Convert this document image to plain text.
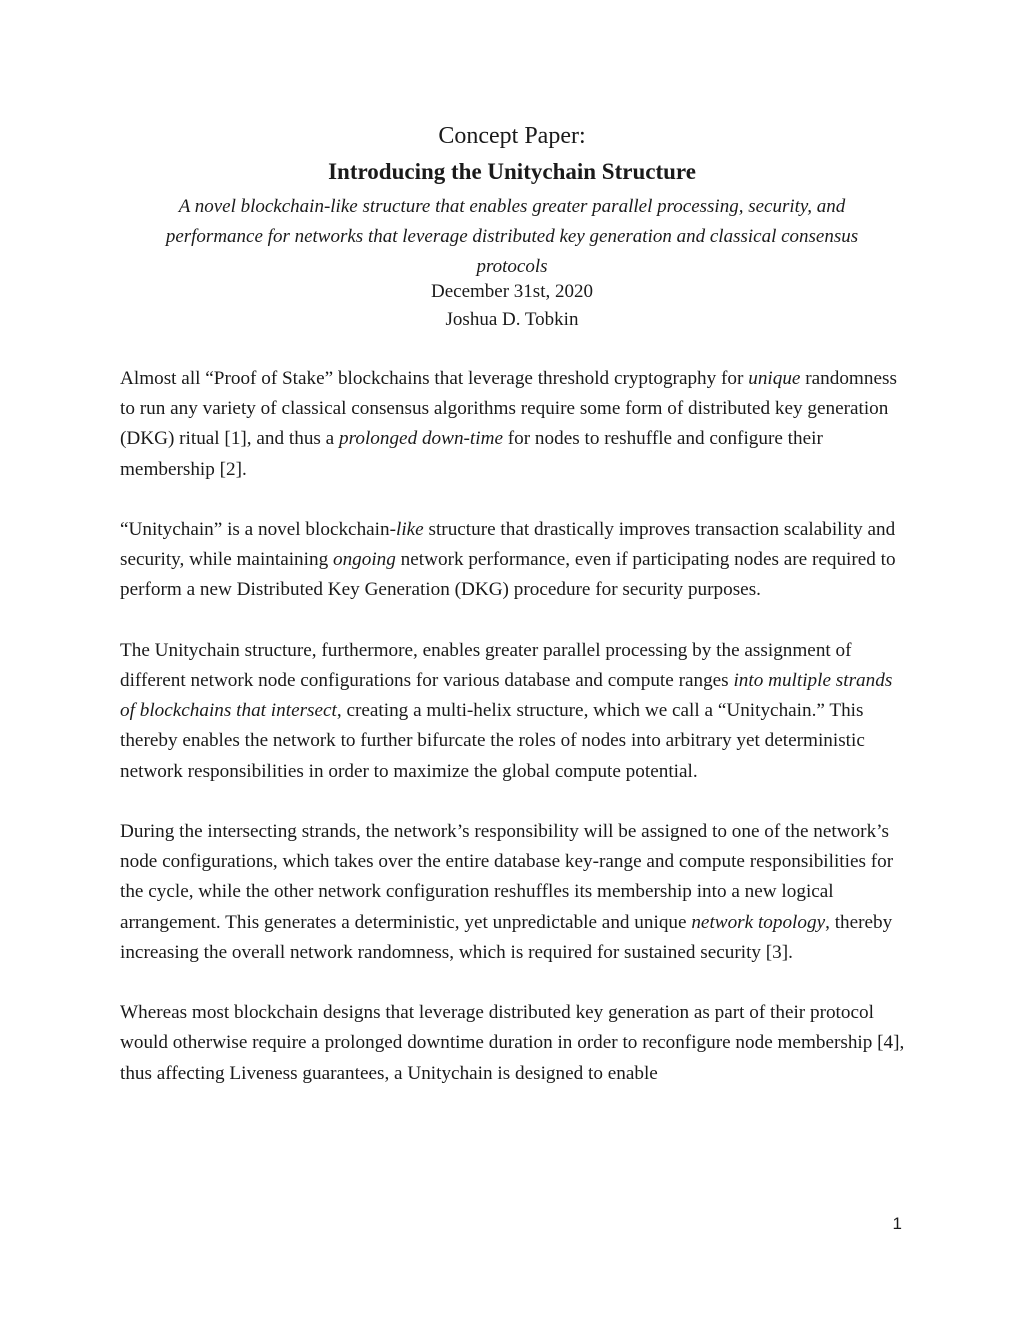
Concept Paper:
Introducing the Unitychain Structure
A novel blockchain-like structure that enables greater parallel processing, security, and performance for networks that leverage distributed key generation and classical consensus protocols
December 31st, 2020
Joshua D. Tobkin

Almost all “Proof of Stake” blockchains that leverage threshold cryptography for unique randomness to run any variety of classical consensus algorithms require some form of distributed key generation (DKG) ritual [1], and thus a prolonged down-time for nodes to reshuffle and configure their membership [2].

“Unitychain” is a novel blockchain-like structure that drastically improves transaction scalability and security, while maintaining ongoing network performance, even if participating nodes are required to perform a new Distributed Key Generation (DKG) procedure for security purposes.

The Unitychain structure, furthermore, enables greater parallel processing by the assignment of different network node configurations for various database and compute ranges into multiple strands of blockchains that intersect, creating a multi-helix structure, which we call a “Unitychain.” This thereby enables the network to further bifurcate the roles of nodes into arbitrary yet deterministic network responsibilities in order to maximize the global compute potential.

During the intersecting strands, the network’s responsibility will be assigned to one of the network’s node configurations, which takes over the entire database key-range and compute responsibilities for the cycle, while the other network configuration reshuffles its membership into a new logical arrangement. This generates a deterministic, yet unpredictable and unique network topology, thereby increasing the overall network randomness, which is required for sustained security [3].

Whereas most blockchain designs that leverage distributed key generation as part of their protocol would otherwise require a prolonged downtime duration in order to reconfigure node membership [4], thus affecting Liveness guarantees, a Unitychain is designed to enable

1
